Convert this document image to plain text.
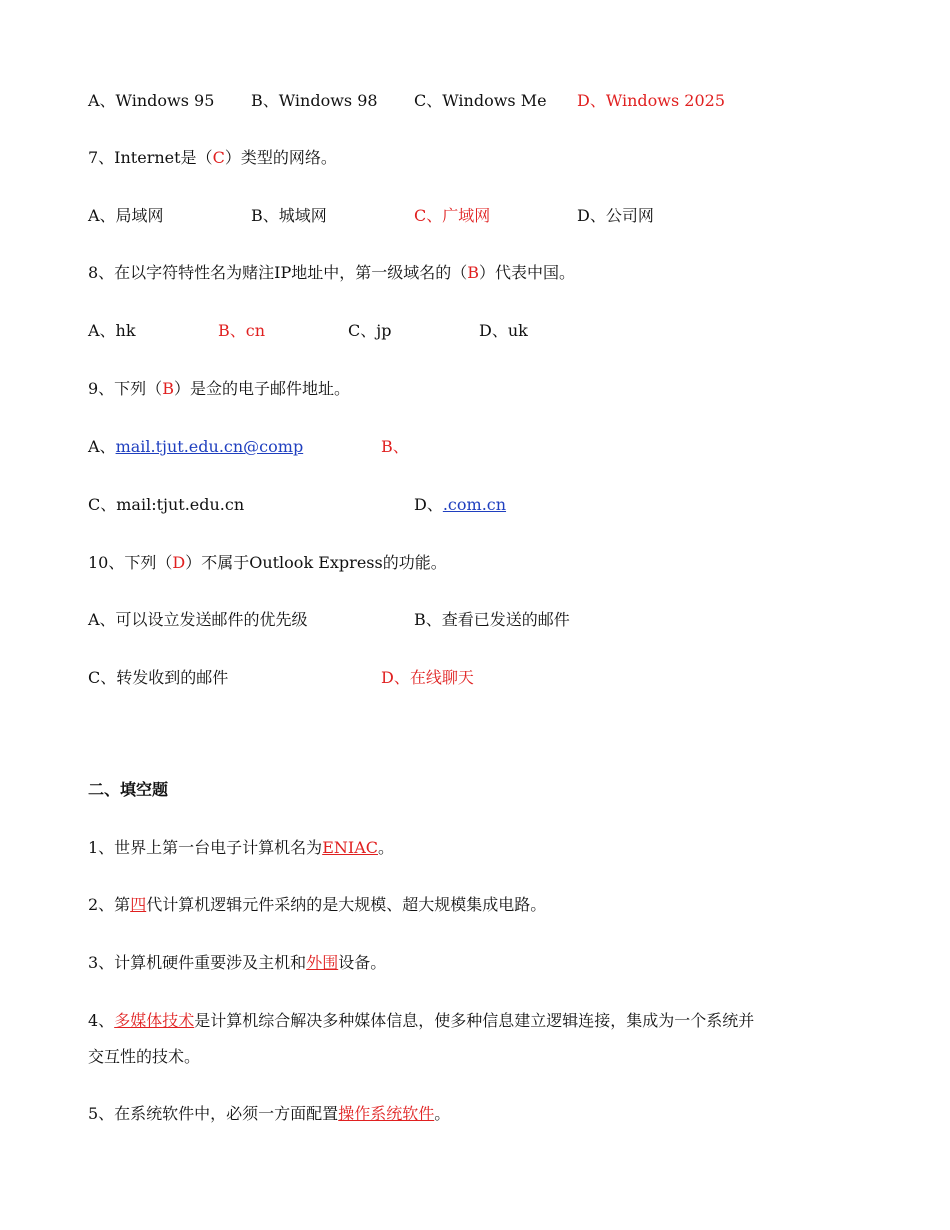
A、Windows 95 B、Windows 98 C、Windows Me D、Windows 2025
7、Internet是（C）类型的网络。
A、局域网	B、城域网	C、广域网	D、公司网
8、在以字符特性名为赌注IP地址中，第一级域名的（B）代表中国。
A、hk	B、cn	C、jp	D、uk
9、下列（B）是佥的电子邮件地址。
A、mail.tjut.edu.cn@comp	B、
C、mail:tjut.edu.cn	D、.com.cn
10、下列（D）不属于Outlook Express的功能。
A、可以设立发送邮件的优先级	B、查看已发送的邮件
C、转发收到的邮件	D、在线聊天
二、填空题
1、世界上第一台电子计算机名为ENIAC。
2、第四代计算机逻辑元件采纳的是大规模、超大规模集成电路。
3、计算机硬件重要涉及主机和外围设备。
4、多媒体技术是计算机综合解决多种媒体信息，使多种信息建立逻辑连接，集成为一个系统并
交互性的技术。
5、在系统软件中，必须一方面配置操作系统软件。
